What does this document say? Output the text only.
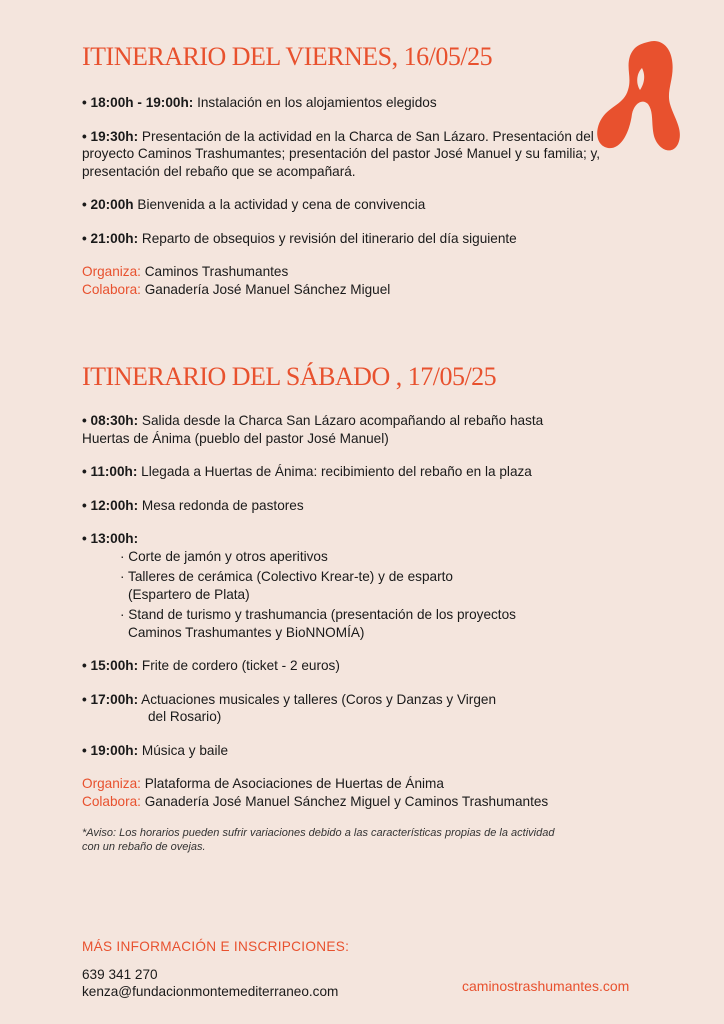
ITINERARIO DEL VIERNES, 16/05/25

• 18:00h - 19:00h: Instalación en los alojamientos elegidos

• 19:30h: Presentación de la actividad en la Charca de San Lázaro. Presentación del proyecto Caminos Trashumantes; presentación del pastor José Manuel y su familia; y, presentación del rebaño que se acompañará.

• 20:00h Bienvenida a la actividad y cena de convivencia

• 21:00h: Reparto de obsequios y revisión del itinerario del día siguiente

Organiza: Caminos Trashumantes

Colabora: Ganadería José Manuel Sánchez Miguel

ITINERARIO DEL SÁBADO , 17/05/25

• 08:30h: Salida desde la Charca San Lázaro acompañando al rebaño hasta
Huertas de Ánima (pueblo del pastor José Manuel)

• 11:00h: Llegada a Huertas de Ánima: recibimiento del rebaño en la plaza

• 12:00h: Mesa redonda de pastores

• 13:00h:

· Corte de jamón y otros aperitivos

· Talleres de cerámica (Colectivo Krear-te) y de esparto

(Espartero de Plata)

· Stand de turismo y trashumancia (presentación de los proyectos

Caminos Trashumantes y BioNNOMÍA)

• 15:00h: Frite de cordero (ticket - 2 euros)

• 17:00h: Actuaciones musicales y talleres (Coros y Danzas y Virgen

del Rosario)

• 19:00h: Música y baile

Organiza: Plataforma de Asociaciones de Huertas de Ánima

Colabora: Ganadería José Manuel Sánchez Miguel y Caminos Trashumantes

*Aviso: Los horarios pueden sufrir variaciones debido a las características propias de la actividad con un rebaño de ovejas.

MÁS INFORMACIÓN E INSCRIPCIONES:

639 341 270

kenza@fundacionmontemediterraneo.com	caminostrashumantes.com
